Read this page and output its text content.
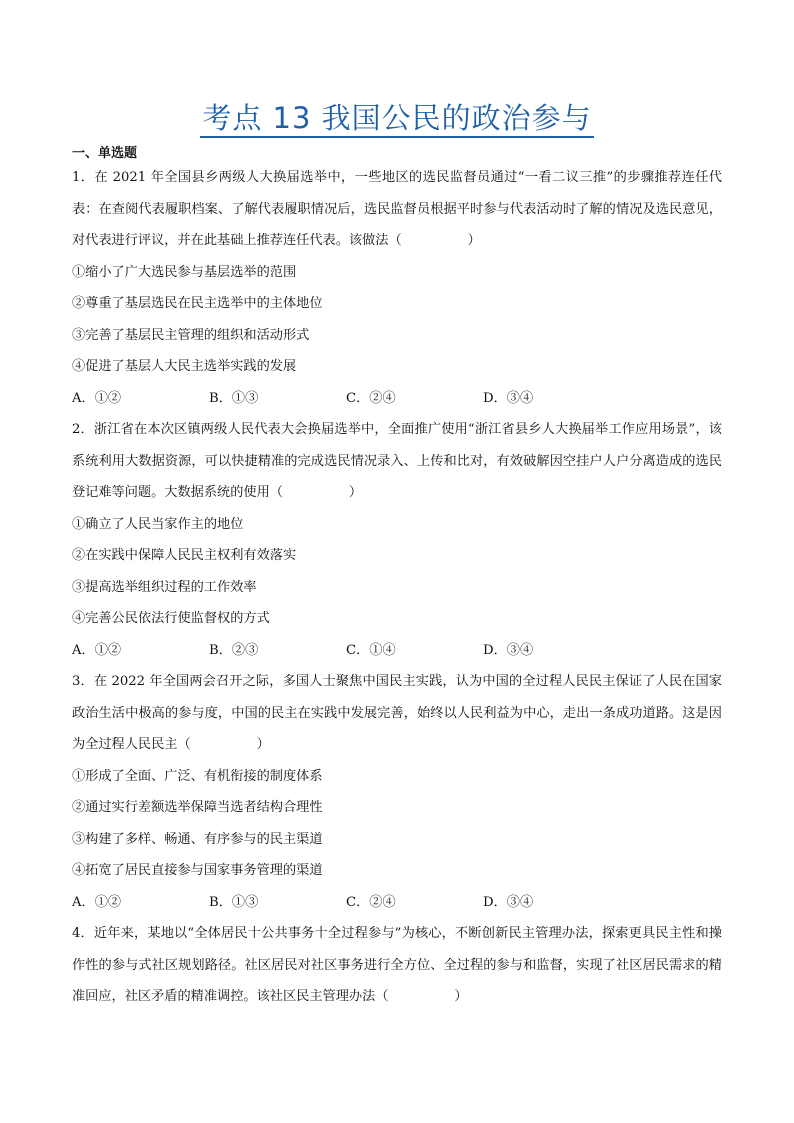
考点 13 我国公民的政治参与
一、单选题

1．在 2021 年全国县乡两级人大换届选举中，一些地区的选民监督员通过“一看二议三推”的步骤推荐连任代表：在查阅代表履职档案、了解代表履职情况后，选民监督员根据平时参与代表活动时了解的情况及选民意见，对代表进行评议，并在此基础上推荐连任代表。该做法（　　　　　）

①缩小了广大选民参与基层选举的范围

②尊重了基层选民在民主选举中的主体地位

③完善了基层民主管理的组织和活动形式

④促进了基层人大民主选举实践的发展

A．①②	B．①③	C．②④	D．③④

2．浙江省在本次区镇两级人民代表大会换届选举中，全面推广使用“浙江省县乡人大换届举工作应用场景”，该系统利用大数据资源，可以快捷精准的完成选民情况录入、上传和比对，有效破解因空挂户人户分离造成的选民登记难等问题。大数据系统的使用（　　　　　）

①确立了人民当家作主的地位

②在实践中保障人民民主权利有效落实

③提高选举组织过程的工作效率

④完善公民依法行使监督权的方式

A．①②	B．②③	C．①④	D．③④

3．在 2022 年全国两会召开之际，多国人士聚焦中国民主实践，认为中国的全过程人民民主保证了人民在国家政治生活中极高的参与度，中国的民主在实践中发展完善，始终以人民利益为中心，走出一条成功道路。这是因为全过程人民民主（　　　　　）

①形成了全面、广泛、有机衔接的制度体系

②通过实行差额选举保障当选者结构合理性

③构建了多样、畅通、有序参与的民主渠道

④拓宽了居民直接参与国家事务管理的渠道

A．①②	B．①③	C．②④	D．③④

4．近年来，某地以“全体居民十公共事务十全过程参与”为核心，不断创新民主管理办法，探索更具民主性和操作性的参与式社区规划路径。社区居民对社区事务进行全方位、全过程的参与和监督，实现了社区居民需求的精准回应，社区矛盾的精准调控。该社区民主管理办法（　　　　　）
